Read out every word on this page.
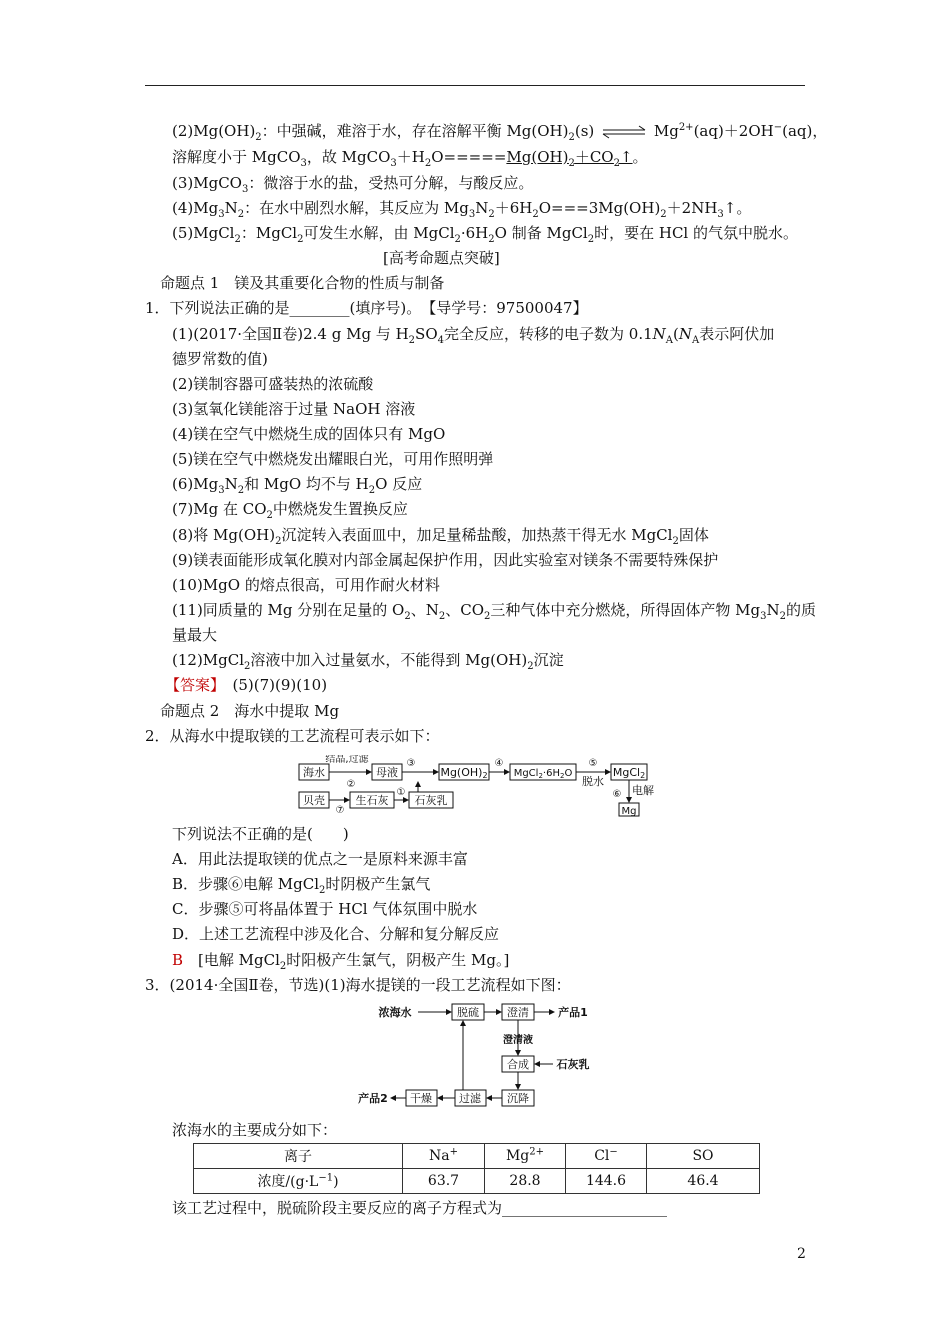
$(2)Mg(OH)_2$：中强碱，难溶于水，存在溶解平衡 $Mg(OH)_2(s)$ ⇌ $Mg^{2+}(aq)+2OH^-(aq)$，
溶解度小于 MgCO$_3$，故 $MgCO_3+H_2O=====Mg(OH)_2+CO_2↑$。
(3)MgCO$_3$：微溶于水的盐，受热可分解，与酸反应。
$(4)Mg_3N_2$：在水中剧烈水解，其反应为 $Mg_3N_2+6H_2O===3Mg(OH)_2+2NH_3↑$。
(5)MgCl$_2$：MgCl$_2$可发生水解，由 $MgCl_2\cdot 6H_2O$ 制备 MgCl$_2$时，要在 HCl 的气氛中脱水。
[高考命题点突破]
命题点 1　镁及其重要化合物的性质与制备
1．下列说法正确的是________(填序号)。　【导学号：97500047】
(1)(2017·全国Ⅱ卷)2.4 g Mg 与 $H_2SO_4$完全反应，转移的电子数为 $0.1N_A(N_A$表示阿伏加
德罗常数的值)
(2)镁制容器可盛装热的浓硫酸
(3)氢氧化镁能溶于过量 NaOH 溶液
(4)镁在空气中燃烧生成的固体只有 MgO
(5)镁在空气中燃烧发出耀眼白光，可用作照明弹
$(6)Mg_3N_2$和 MgO 均不与 $H_2O$ 反应
(7)Mg 在 $CO_2$中燃烧发生置换反应
(8)将 $Mg(OH)_2$沉淀转入表面皿中，加足量稀盐酸，加热蒸干得无水 MgCl$_2$固体
(9)镁表面能形成氧化膜对内部金属起保护作用，因此实验室对镁条不需要特殊保护
(10)MgO 的熔点很高，可用作耐火材料
(11)同质量的 Mg 分别在足量的 $O_2$、$N_2$、$CO_2$三种气体中充分燃烧，所得固体产物 $Mg_3N_2$的质
量最大
(12)MgCl$_2$溶液中加入过量氨水，不能得到 $Mg(OH)_2$沉淀
【答案】　(5)(7)(9)(10)
命题点 2　海水中提取 Mg
2．从海水中提取镁的工艺流程可表示如下：
海水
结晶,过滤
②
母液
③
Mg(OH)2
④
$MgCl_2\cdot 6H_2O$
⑤
脱水
MgCl2
⑥ 电解
Mg
贝壳
⑦
生石灰
①
石灰乳
下列说法不正确的是(　　)
A．用此法提取镁的优点之一是原料来源丰富
B．步骤⑥电解 MgCl$_2$时阴极产生氯气
C．步骤⑤可将晶体置于 HCl 气体氛围中脱水
D．上述工艺流程中涉及化合、分解和复分解反应
B　[电解 MgCl$_2$时阳极产生氯气，阴极产生 Mg。]
3．(2014·全国Ⅱ卷，节选)(1)海水提镁的一段工艺流程如下图：
浓海水	脱硫	澄清	产品1
澄清液
合成	石灰乳
沉降
过滤
干燥
产品2
浓海水的主要成分如下：
离子	Na+	$Mg^{2+}$	Cl−	SO
浓度$/(g\cdot L^{-1})$	63.7	28.8	144.6	46.4
该工艺过程中，脱硫阶段主要反应的离子方程式为______________________
2
